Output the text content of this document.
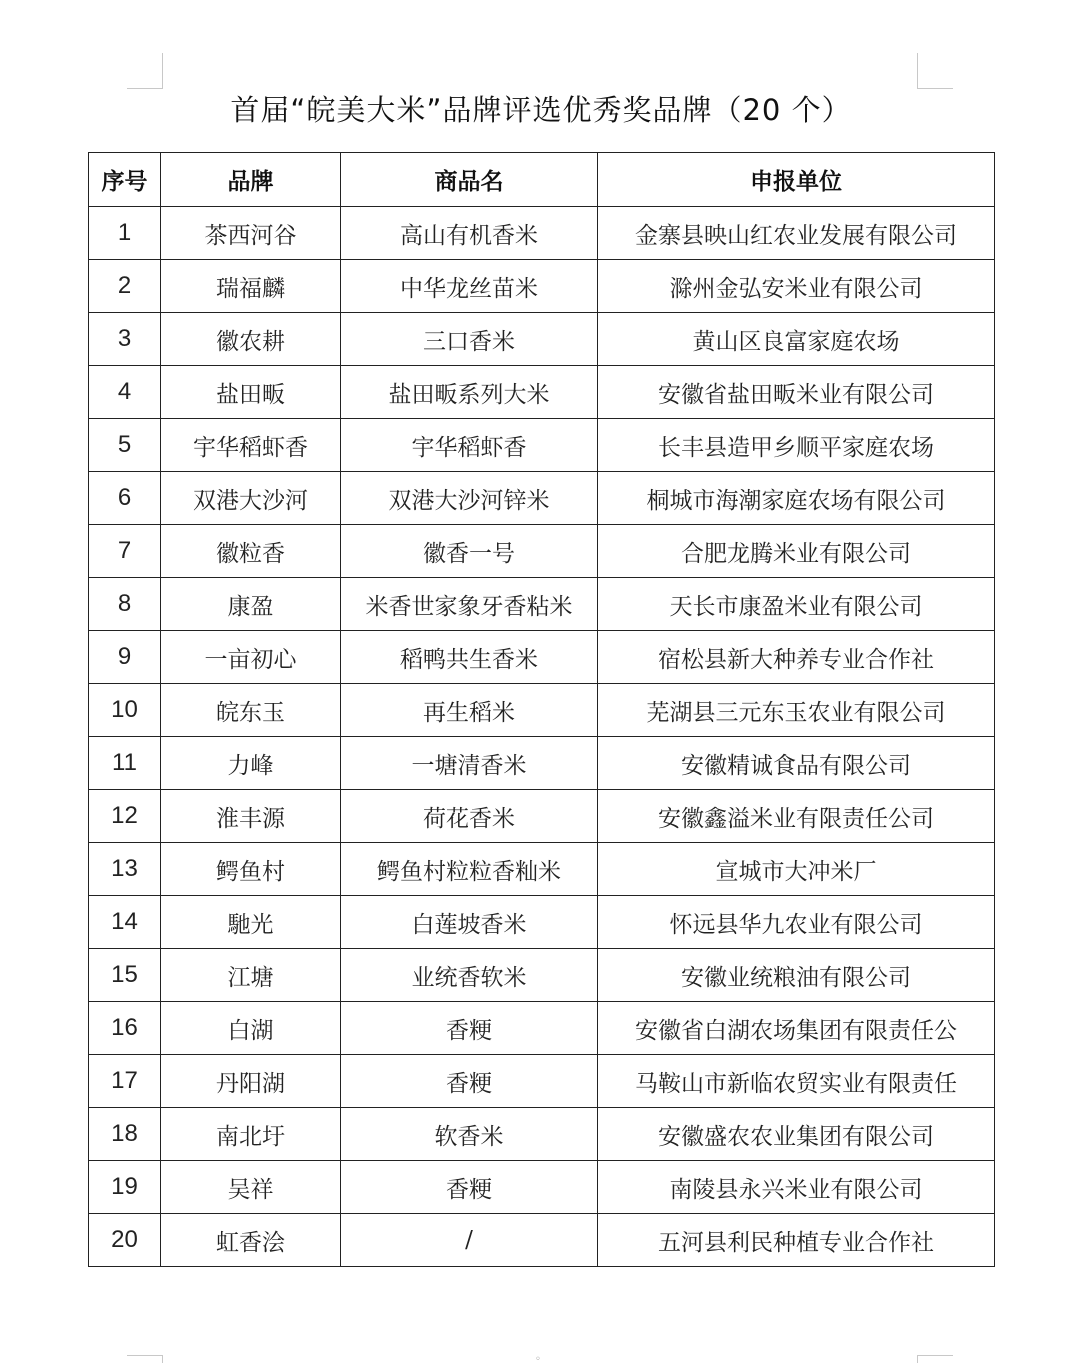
首届“皖美大米”品牌评选优秀奖品牌（20 个）
序号	品牌	商品名	申报单位
1	茶西河谷	高山有机香米	金寨县映山红农业发展有限公司
2	瑞福麟	中华龙丝苗米	滁州金弘安米业有限公司
3	徽农耕	三口香米	黄山区良富家庭农场
4	盐田畈	盐田畈系列大米	安徽省盐田畈米业有限公司
5	宇华稻虾香	宇华稻虾香	长丰县造甲乡顺平家庭农场
6	双港大沙河	双港大沙河锌米	桐城市海潮家庭农场有限公司
7	徽粒香	徽香一号	合肥龙腾米业有限公司
8	康盈	米香世家象牙香粘米	天长市康盈米业有限公司
9	一亩初心	稻鸭共生香米	宿松县新大种养专业合作社
10	皖东玉	再生稻米	芜湖县三元东玉农业有限公司
11	力峰	一塘清香米	安徽精诚食品有限公司
12	淮丰源	荷花香米	安徽鑫溢米业有限责任公司
13	鳄鱼村	鳄鱼村粒粒香籼米	宣城市大冲米厂
14	馳光	白莲坡香米	怀远县华九农业有限公司
15	江塘	业统香软米	安徽业统粮油有限公司
16	白湖	香粳	安徽省白湖农场集团有限责任公
17	丹阳湖	香粳	马鞍山市新临农贸实业有限责任
18	南北圩	软香米	安徽盛农农业集团有限公司
19	吴祥	香粳	南陵县永兴米业有限公司
20	虹香浍	/	五河县利民种植专业合作社
◦
